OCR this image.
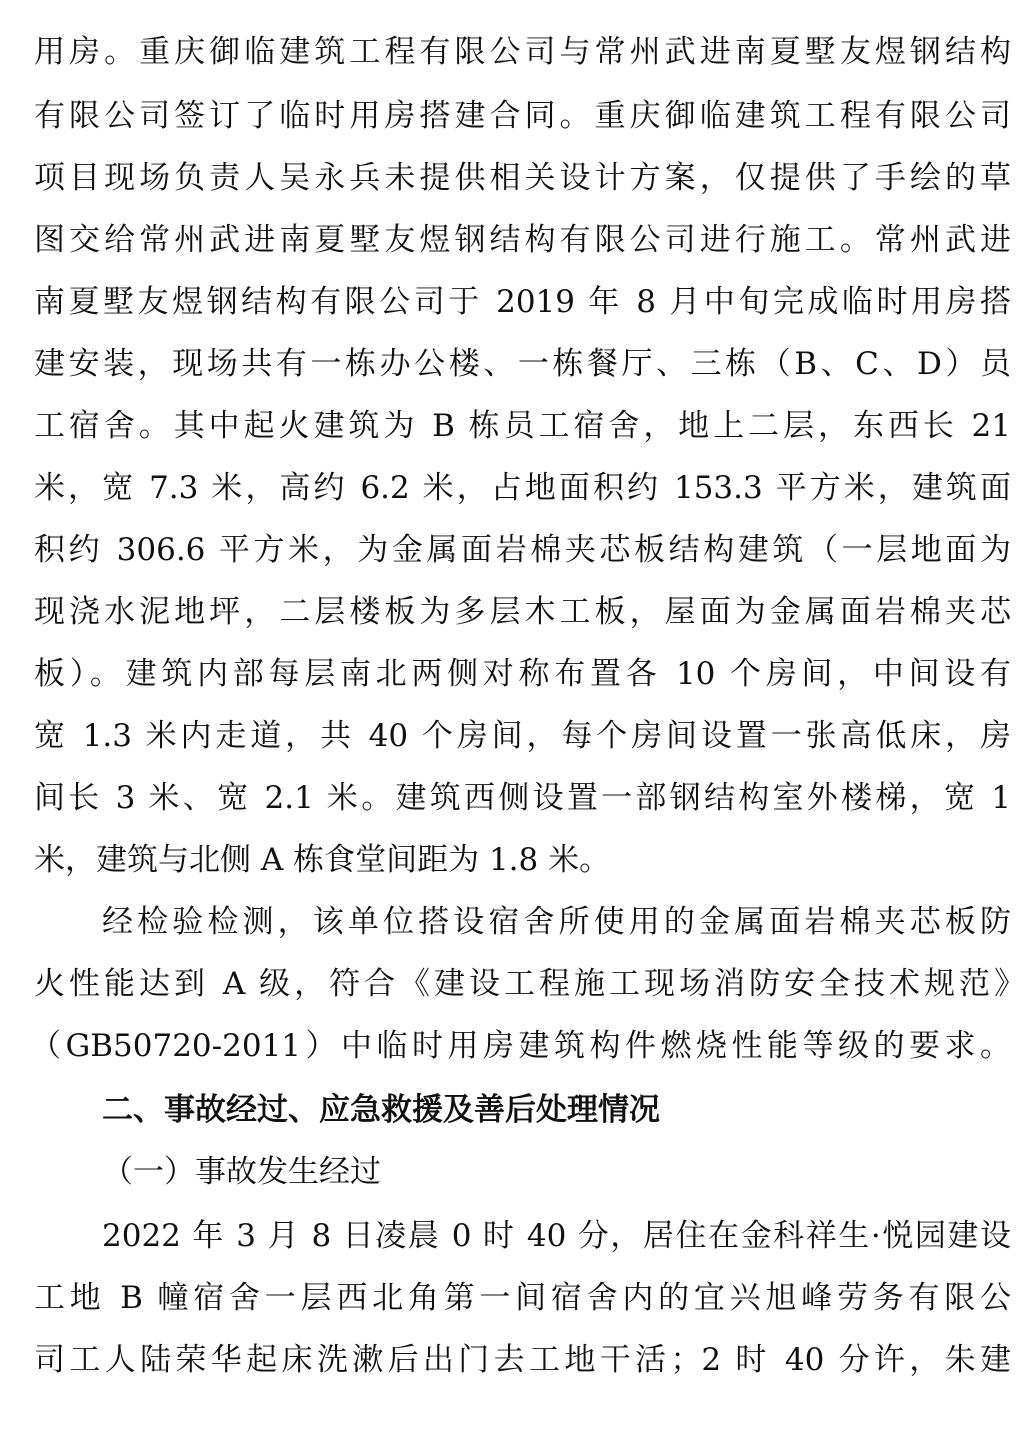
用房。重庆御临建筑工程有限公司与常州武进南夏墅友煜钢结构
有限公司签订了临时用房搭建合同。重庆御临建筑工程有限公司
项目现场负责人吴永兵未提供相关设计方案，仅提供了手绘的草
图交给常州武进南夏墅友煜钢结构有限公司进行施工。常州武进
南夏墅友煜钢结构有限公司于 2019 年 8 月中旬完成临时用房搭
建安装，现场共有一栋办公楼、一栋餐厅、三栋（B、C、D）员
工宿舍。其中起火建筑为 B 栋员工宿舍，地上二层，东西长 21
米，宽 7.3 米，高约 6.2 米，占地面积约 153.3 平方米，建筑面
积约 306.6 平方米，为金属面岩棉夹芯板结构建筑（一层地面为
现浇水泥地坪，二层楼板为多层木工板，屋面为金属面岩棉夹芯
板）。建筑内部每层南北两侧对称布置各 10 个房间，中间设有
宽 1.3 米内走道，共 40 个房间，每个房间设置一张高低床，房
间长 3 米、宽 2.1 米。建筑西侧设置一部钢结构室外楼梯，宽 1
米，建筑与北侧 A 栋食堂间距为 1.8 米。
经检验检测，该单位搭设宿舍所使用的金属面岩棉夹芯板防
火性能达到 A 级，符合《建设工程施工现场消防安全技术规范》
（GB50720-2011）中临时用房建筑构件燃烧性能等级的要求。
二、事故经过、应急救援及善后处理情况
（一）事故发生经过
2022 年 3 月 8 日凌晨 0 时 40 分，居住在金科祥生·悦园建设
工地 B 幢宿舍一层西北角第一间宿舍内的宜兴旭峰劳务有限公
司工人陆荣华起床洗漱后出门去工地干活；2 时 40 分许，朱建
